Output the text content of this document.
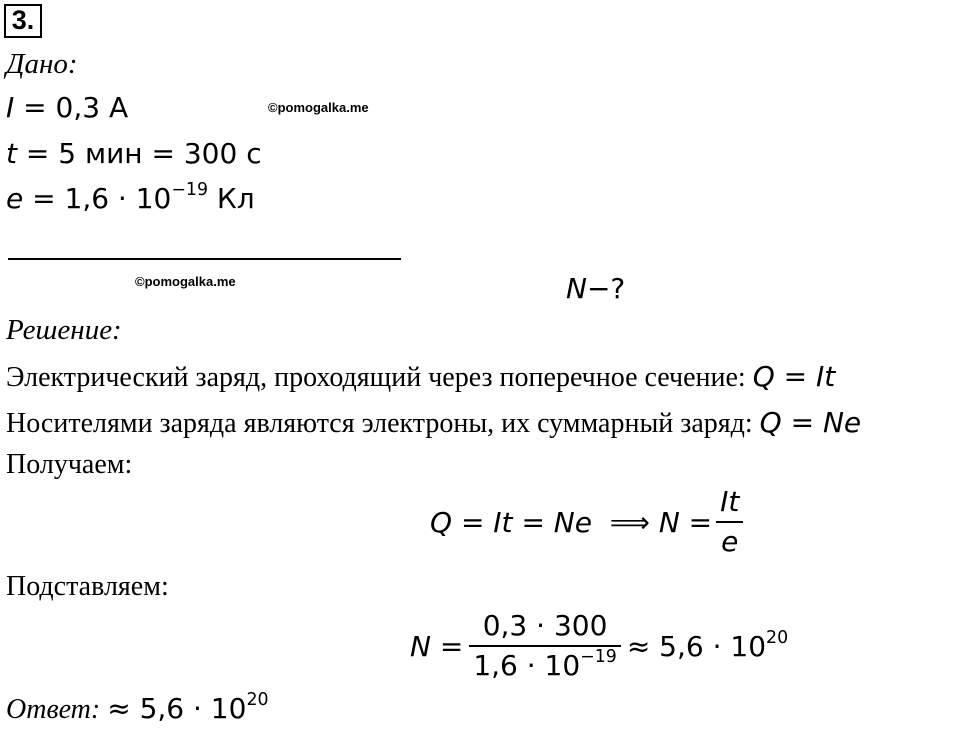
3.
Дано:
I = 0,3 А	©pomogalka.me
t = 5 мин = 300 с
$e = 1,6 \cdot 10^{-19}$ Кл
©pomogalka.me	N−?
Решение:
Электрический заряд, проходящий через поперечное сечение: Q = It
Носителями заряда являются электроны, их суммарный заряд: Q = Ne
Получаем:
Q = It = Ne  ⟹ $N = \frac{It}{e}$
Подставляем:
$N = \frac{0,3 \cdot 300}{1,6 \cdot 10^{-19}} \approx 5,6 \cdot 10^{20}$
Ответ: ≈ $5,6 \cdot 10^{20}$
